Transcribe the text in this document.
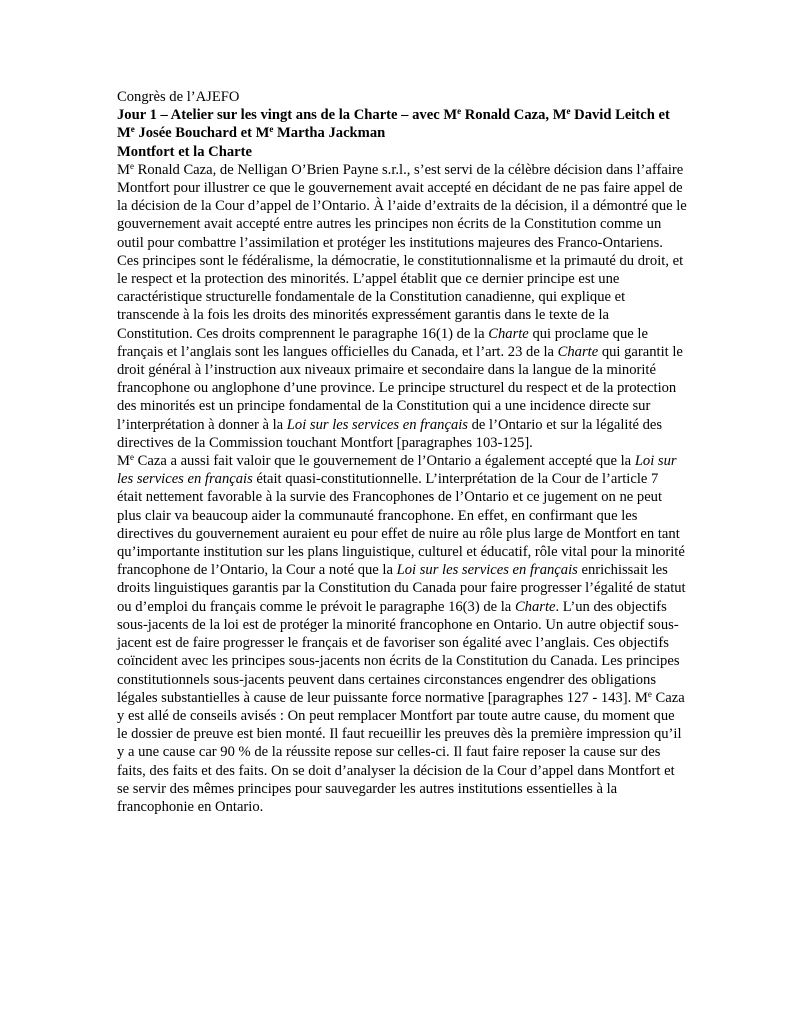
Congrès de l’AJEFO

Jour 1 – Atelier sur les vingt ans de la Charte – avec Me Ronald Caza, Me David Leitch et Me Josée Bouchard et Me Martha Jackman

Montfort et la Charte

Me Ronald Caza, de Nelligan O’Brien Payne s.r.l., s’est servi de la célèbre décision dans l’affaire Montfort pour illustrer ce que le gouvernement avait accepté en décidant de ne pas faire appel de la décision de la Cour d’appel de l’Ontario. À l’aide d’extraits de la décision, il a démontré que le gouvernement avait accepté entre autres les principes non écrits de la Constitution comme un outil pour combattre l’assimilation et protéger les institutions majeures des Franco-Ontariens. Ces principes sont le fédéralisme, la démocratie, le constitutionnalisme et la primauté du droit, et le respect et la protection des minorités. L’appel établit que ce dernier principe est une caractéristique structurelle fondamentale de la Constitution canadienne, qui explique et transcende à la fois les droits des minorités expressément garantis dans le texte de la Constitution. Ces droits comprennent le paragraphe 16(1) de la Charte qui proclame que le français et l’anglais sont les langues officielles du Canada, et l’art. 23 de la Charte qui garantit le droit général à l’instruction aux niveaux primaire et secondaire dans la langue de la minorité francophone ou anglophone d’une province. Le principe structurel du respect et de la protection des minorités est un principe fondamental de la Constitution qui a une incidence directe sur l’interprétation à donner à la Loi sur les services en français de l’Ontario et sur la légalité des directives de la Commission touchant Montfort [paragraphes 103-125].

Me Caza a aussi fait valoir que le gouvernement de l’Ontario a également accepté que la Loi sur les services en français était quasi-constitutionnelle. L’interprétation de la Cour de l’article 7 était nettement favorable à la survie des Francophones de l’Ontario et ce jugement on ne peut plus clair va beaucoup aider la communauté francophone. En effet, en confirmant que les directives du gouvernement auraient eu pour effet de nuire au rôle plus large de Montfort en tant qu’importante institution sur les plans linguistique, culturel et éducatif, rôle vital pour la minorité francophone de l’Ontario, la Cour a noté que la Loi sur les services en français enrichissait les droits linguistiques garantis par la Constitution du Canada pour faire progresser l’égalité de statut ou d’emploi du français comme le prévoit le paragraphe 16(3) de la Charte. L’un des objectifs sous-jacents de la loi est de protéger la minorité francophone en Ontario. Un autre objectif sous-jacent est de faire progresser le français et de favoriser son égalité avec l’anglais. Ces objectifs coïncident avec les principes sous-jacents non écrits de la Constitution du Canada. Les principes constitutionnels sous-jacents peuvent dans certaines circonstances engendrer des obligations légales substantielles à cause de leur puissante force normative [paragraphes 127 - 143]. Me Caza y est allé de conseils avisés : On peut remplacer Montfort par toute autre cause, du moment que le dossier de preuve est bien monté. Il faut recueillir les preuves dès la première impression qu’il y a une cause car 90 % de la réussite repose sur celles-ci. Il faut faire reposer la cause sur des faits, des faits et des faits. On se doit d’analyser la décision de la Cour d’appel dans Montfort et se servir des mêmes principes pour sauvegarder les autres institutions essentielles à la francophonie en Ontario.
